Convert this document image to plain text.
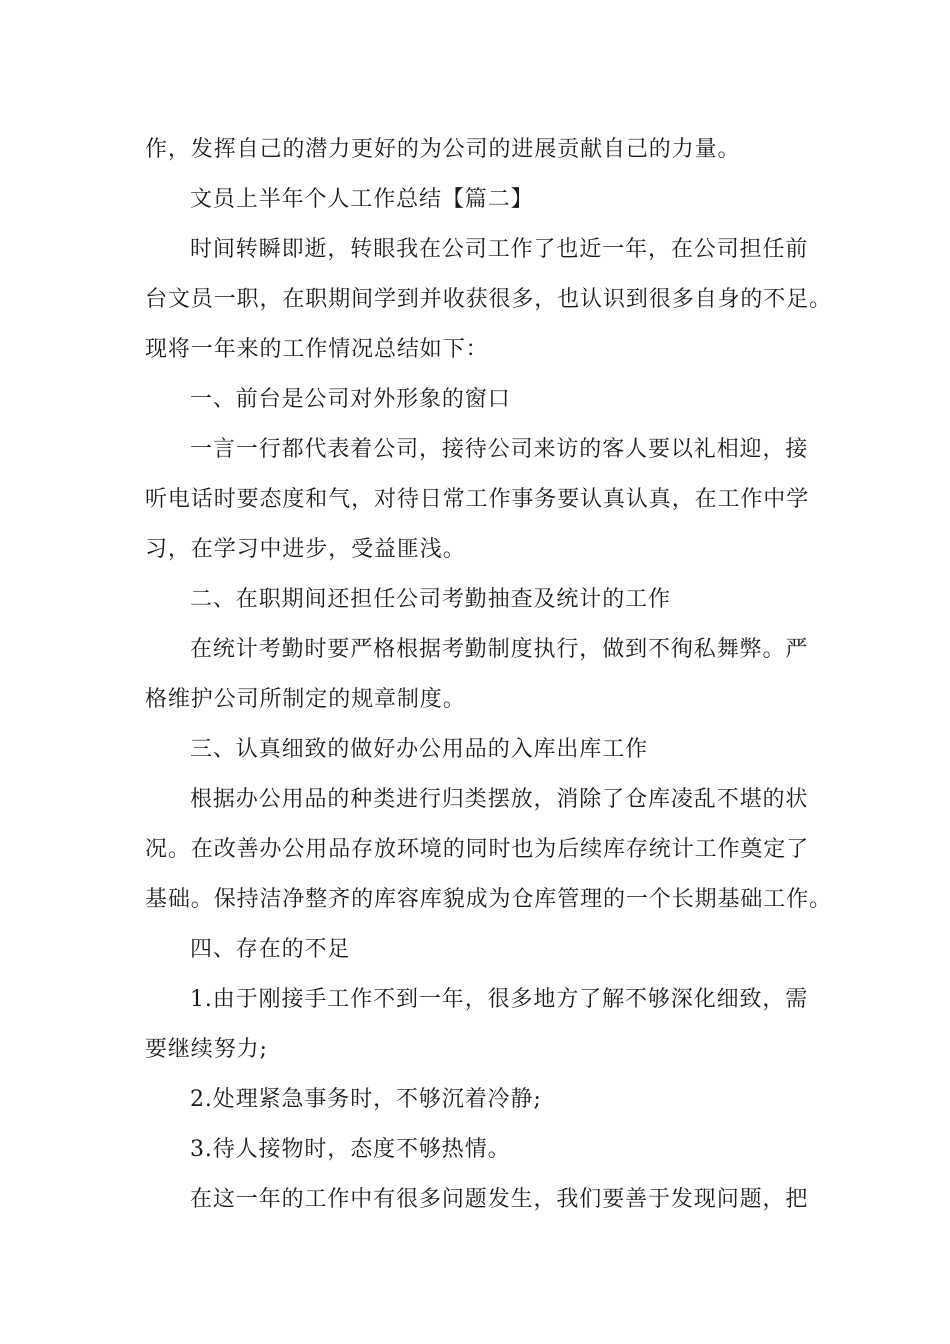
作，发挥自己的潜力更好的为公司的进展贡献自己的力量。
文员上半年个人工作总结【篇二】
时间转瞬即逝，转眼我在公司工作了也近一年，在公司担任前
台文员一职，在职期间学到并收获很多，也认识到很多自身的不足。
现将一年来的工作情况总结如下：
一、前台是公司对外形象的窗口
一言一行都代表着公司，接待公司来访的客人要以礼相迎，接
听电话时要态度和气，对待日常工作事务要认真认真，在工作中学
习，在学习中进步，受益匪浅。
二、在职期间还担任公司考勤抽查及统计的工作
在统计考勤时要严格根据考勤制度执行，做到不徇私舞弊。严
格维护公司所制定的规章制度。
三、认真细致的做好办公用品的入库出库工作
根据办公用品的种类进行归类摆放，消除了仓库凌乱不堪的状
况。在改善办公用品存放环境的同时也为后续库存统计工作奠定了
基础。保持洁净整齐的库容库貌成为仓库管理的一个长期基础工作。
四、存在的不足
1.由于刚接手工作不到一年，很多地方了解不够深化细致，需
要继续努力;
2.处理紧急事务时，不够沉着冷静;
3.待人接物时，态度不够热情。
在这一年的工作中有很多问题发生，我们要善于发现问题，把
